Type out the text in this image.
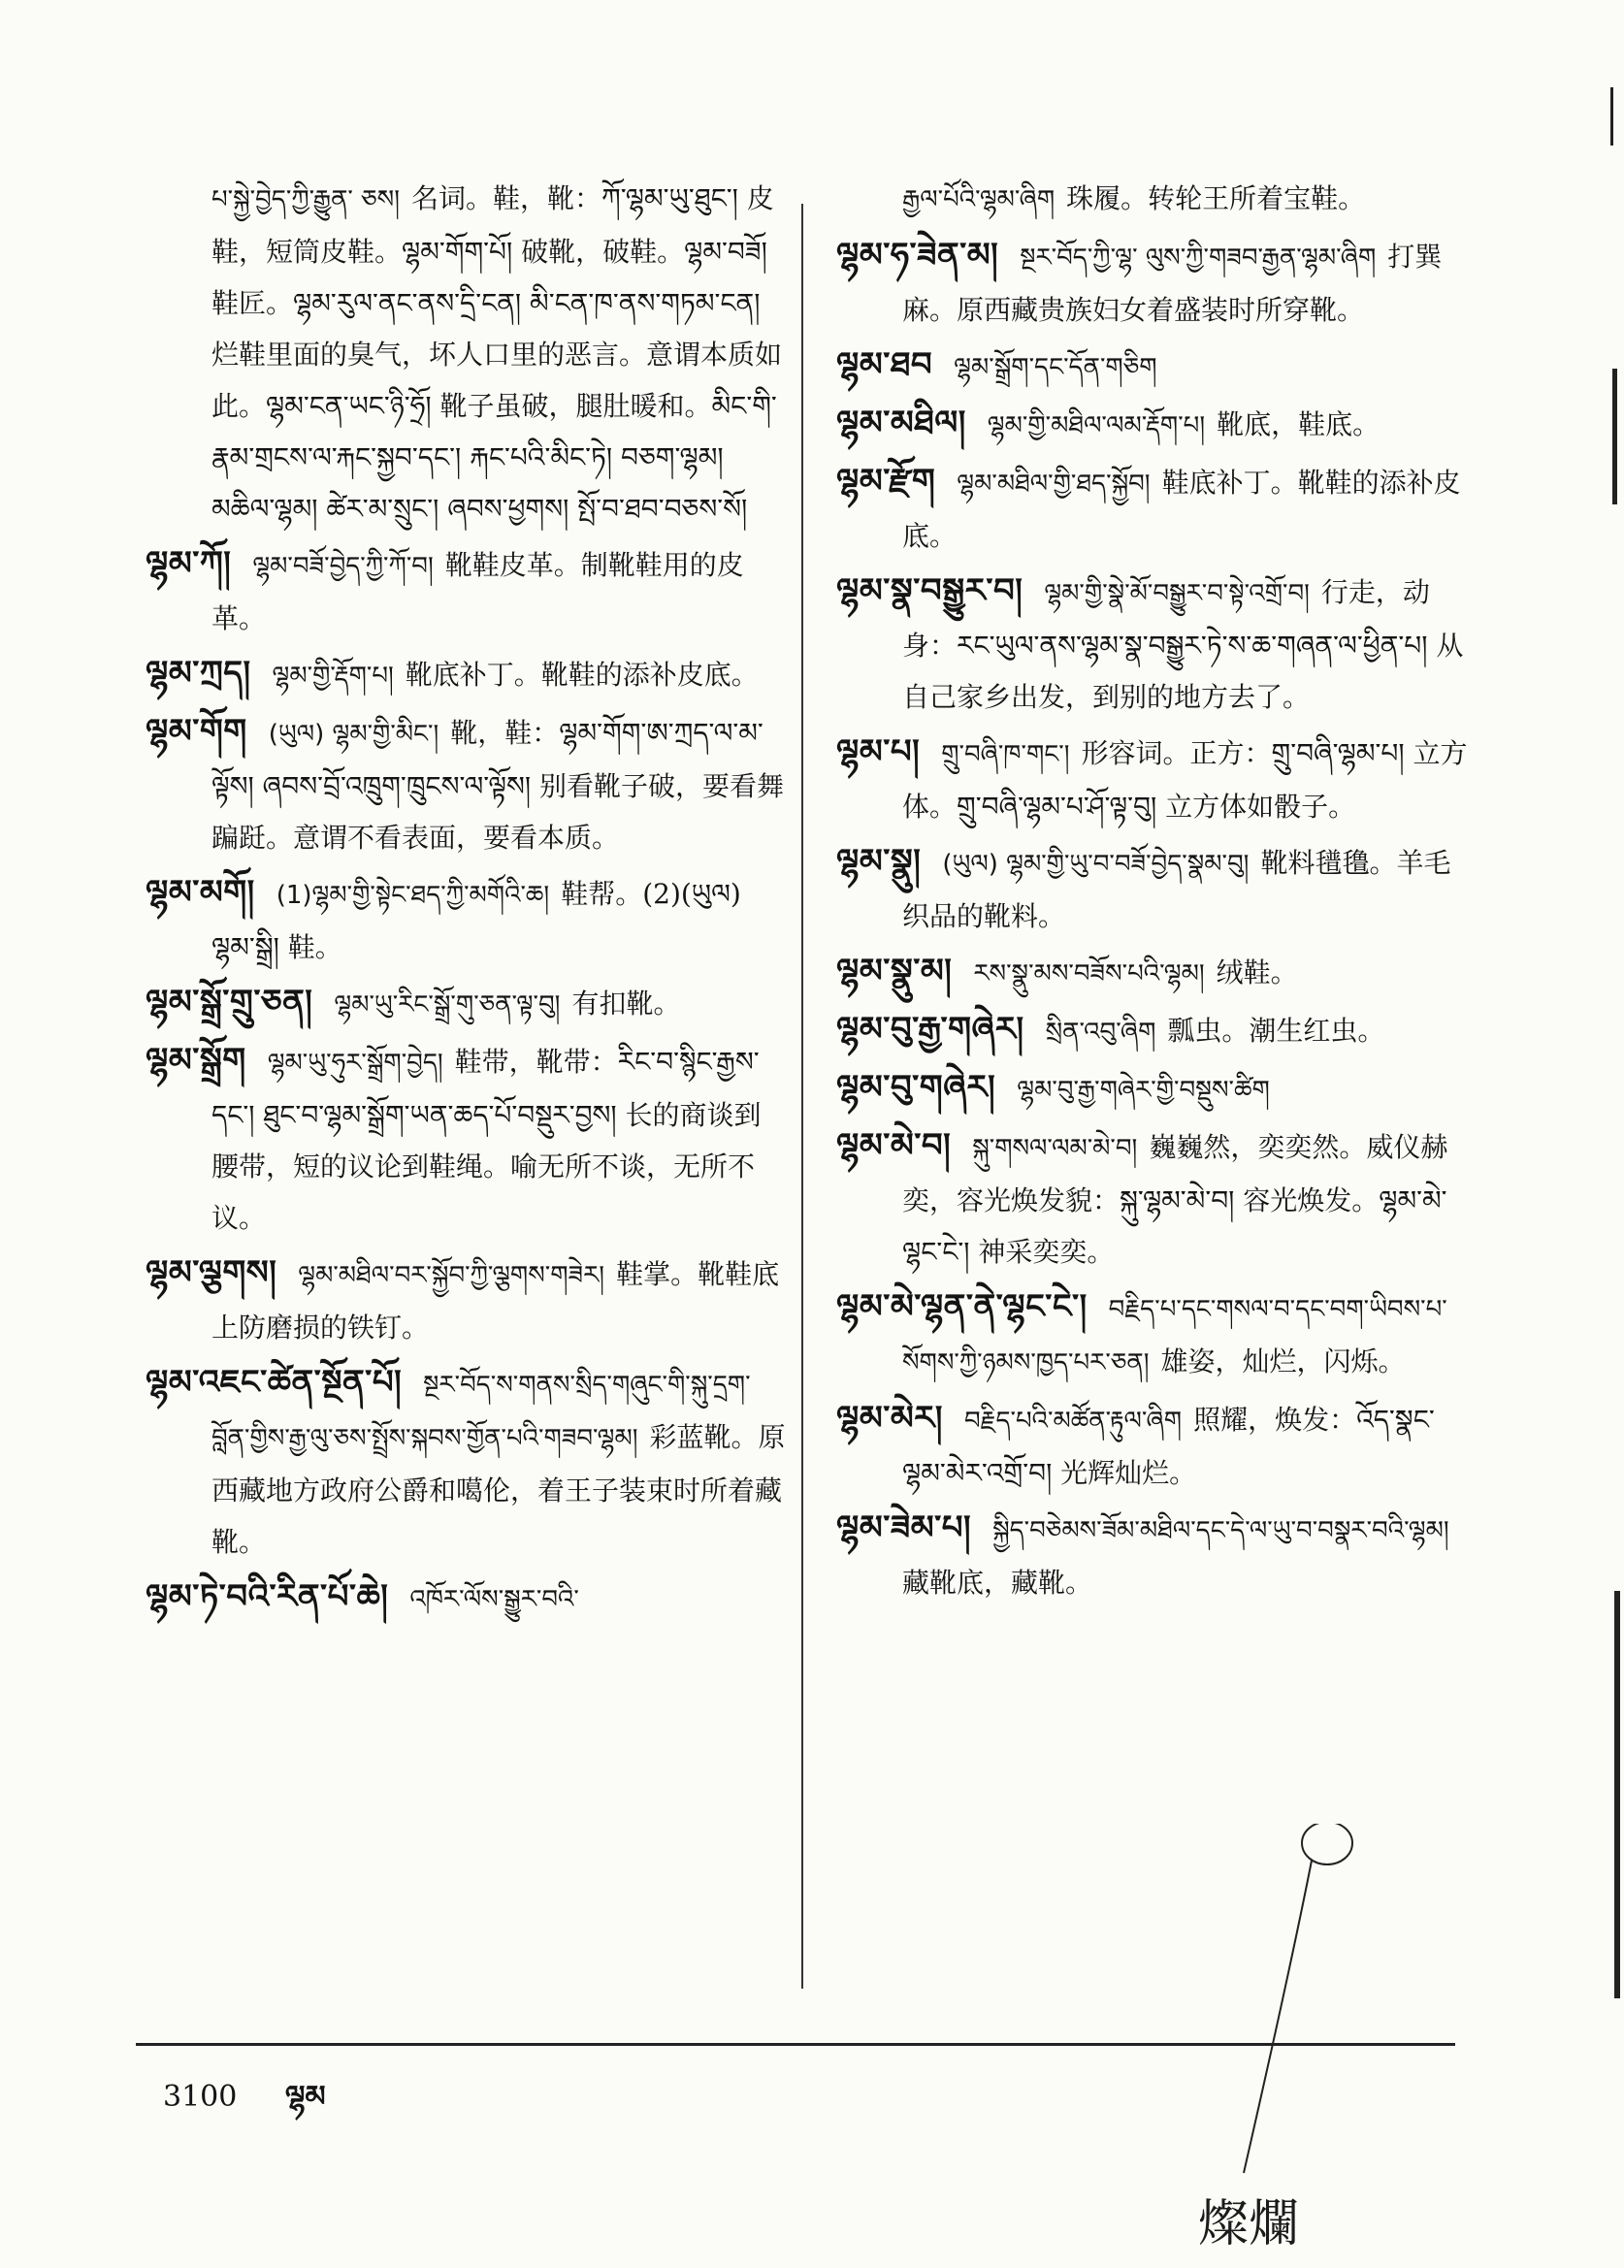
པ་སྐྱེ་བྱེད་ཀྱི་རྒྱུན་ ཅས། 名词。鞋，靴：ཀོ་ལྷམ་ཡུ་ཐུང་། 皮鞋，短筒皮鞋。ལྷམ་གོག་པོ། 破靴，破鞋。ལྷམ་བཟོ། 鞋匠。ལྷམ་རུལ་ནང་ནས་དྲི་ངན། མི་ངན་ཁ་ནས་གཏམ་ངན། 烂鞋里面的臭气，坏人口里的恶言。意谓本质如此。ལྷམ་ངན་ཡང་ཉི་ཧྲོ། 靴子虽破，腿肚暖和。མིང་གི་རྣམ་གྲངས་ལ་རྐང་སྐྱབ་དང་། རྐང་པའི་མིང་ཏེ། བཅག་ལྷམ། མཆིལ་ལྷམ། ཚེར་མ་སྲུང་། ཞབས་ཕྱགས། སྤོ་བ་ཐབ་བཅས་སོ།
ལྷམ་ཀོ། ལྷམ་བཟོ་བྱེད་ཀྱི་ཀོ་བ། 靴鞋皮革。制靴鞋用的皮革。
ལྷམ་ཀྲད། ལྷམ་གྱི་རྡོག་པ། 靴底补丁。靴鞋的添补皮底。
ལྷམ་གོག (ཡུལ) ལྷམ་གྱི་མིང་། 靴，鞋：ལྷམ་གོག་ཨ་ཀྲད་ལ་མ་ལྟོས། ཞབས་བྲོ་འཁྲུག་ཁྲུངས་ལ་ལྟོས། 别看靴子破，要看舞蹁跹。意谓不看表面，要看本质。
ལྷམ་མགོ། (1)ལྷམ་གྱི་སྟེང་ཐད་ཀྱི་མགོའི་ཆ། 鞋帮。(2)(ཡུལ) ལྷམ་སྒྲི། 鞋。
ལྷམ་སྒྲོ་གྲུ་ཅན། ལྷམ་ཡུ་རིང་སྒྲོ་གུ་ཅན་ལྟ་བུ། 有扣靴。
ལྷམ་སྒྲོག ལྷམ་ཡུ་ཧུར་སྒྲོག་བྱེད། 鞋带，靴带：རིང་བ་སྙིང་རྒྱས་དང་། ཐུང་བ་ལྷམ་སྒྲོག་ཡན་ཆད་པོ་བསྡུར་བྱས། 长的商谈到腰带，短的议论到鞋绳。喻无所不谈，无所不议。
ལྷམ་ལྕགས། ལྷམ་མཐིལ་བར་སྐྱོབ་ཀྱི་ལྕགས་གཟེར། 鞋掌。靴鞋底上防磨损的铁钉。
ལྷམ་འཇང་ཚེན་སྔོན་པོ། སྔར་བོད་ས་གནས་སྲིད་གཞུང་གི་སྐུ་དྲག་བློན་གྱིས་རྒྱ་ལུ་ཅས་སྤྲོས་སྐབས་གྱོན་པའི་གཟབ་ལྷམ། 彩蓝靴。原西藏地方政府公爵和噶伦，着王子装束时所着藏靴。
ལྷམ་ཏེ་བའི་རིན་པོ་ཆེ། འཁོར་ལོས་སྒྱུར་བའི་
རྒྱལ་པོའི་ལྷམ་ཞིག 珠履。转轮王所着宝鞋。
ལྷམ་ཧ་ཟེན་མ། སྔར་བོད་ཀྱི་ལྷ་ ལུས་ཀྱི་གཟབ་རྒྱན་ལྷམ་ཞིག 打巽麻。原西藏贵族妇女着盛装时所穿靴。
ལྷམ་ཐབ ལྷམ་སྒྲོག་དང་དོན་གཅིག
ལྷམ་མཐིལ། ལྷམ་གྱི་མཐིལ་ལམ་རྡོག་པ། 靴底，鞋底。
ལྷམ་རྫོག ལྷམ་མཐིལ་གྱི་ཐད་སྐྱོབ། 鞋底补丁。靴鞋的添补皮底。
ལྷམ་སྣ་བསྒྱུར་བ། ལྷམ་གྱི་སྣེ་མོ་བསྒྱུར་བ་སྟེ་འགྲོ་བ། 行走，动身：རང་ཡུལ་ནས་ལྷམ་སྣ་བསྒྱུར་ཏེ་ས་ཆ་གཞན་ལ་ཕྱིན་པ། 从自己家乡出发，到别的地方去了。
ལྷམ་པ། གྲུ་བཞི་ཁ་གང་། 形容词。正方：གྲུ་བཞི་ལྷམ་པ། 立方体。གྲུ་བཞི་ལྷམ་པ་ཤོ་ལྟ་བུ། 立方体如骰子。
ལྷམ་སྣུ། (ཡུལ) ལྷམ་གྱི་ཡུ་བ་བཟོ་བྱེད་སྣམ་བུ། 靴料氆氇。羊毛织品的靴料。
ལྷམ་སྣུ་མ། རས་སྣུ་མས་བཟོས་པའི་ལྷམ། 绒鞋。
ལྷམ་བུ་རྒྱ་གཞེར། སྲིན་འབུ་ཞིག 瓢虫。潮生红虫。
ལྷམ་བུ་གཞེར། ལྷམ་བུ་རྒྱ་གཞེར་གྱི་བསྡུས་ཚིག
ལྷམ་མེ་བ། སྐུ་གསལ་ལམ་མེ་བ། 巍巍然，奕奕然。威仪赫奕，容光焕发貌：སྐུ་ལྷམ་མེ་བ། 容光焕发。ལྷམ་མེ་ལྷང་ངེ་། 神采奕奕。
ལྷམ་མེ་ལྷན་ནེ་ལྷང་ངེ་། བརྗིད་པ་དང་གསལ་བ་དང་བག་ཡིབས་པ་སོགས་ཀྱི་ཉམས་ཁྱད་པར་ཅན། 雄姿，灿烂，闪烁。
ལྷམ་མེར། བརྗིད་པའི་མཚོན་རྟུལ་ཞིག 照耀，焕发：འོད་སྣང་ལྷམ་མེར་འགྲོ་བ། 光辉灿烂。
ལྷམ་ཟེམ་པ། སྐྱིད་བཅེམས་ཟོམ་མཐིལ་དང་དེ་ལ་ཡུ་བ་བསྣར་བའི་ལྷམ།藏靴底，藏靴。
3100 ལྷམ
燦爛
